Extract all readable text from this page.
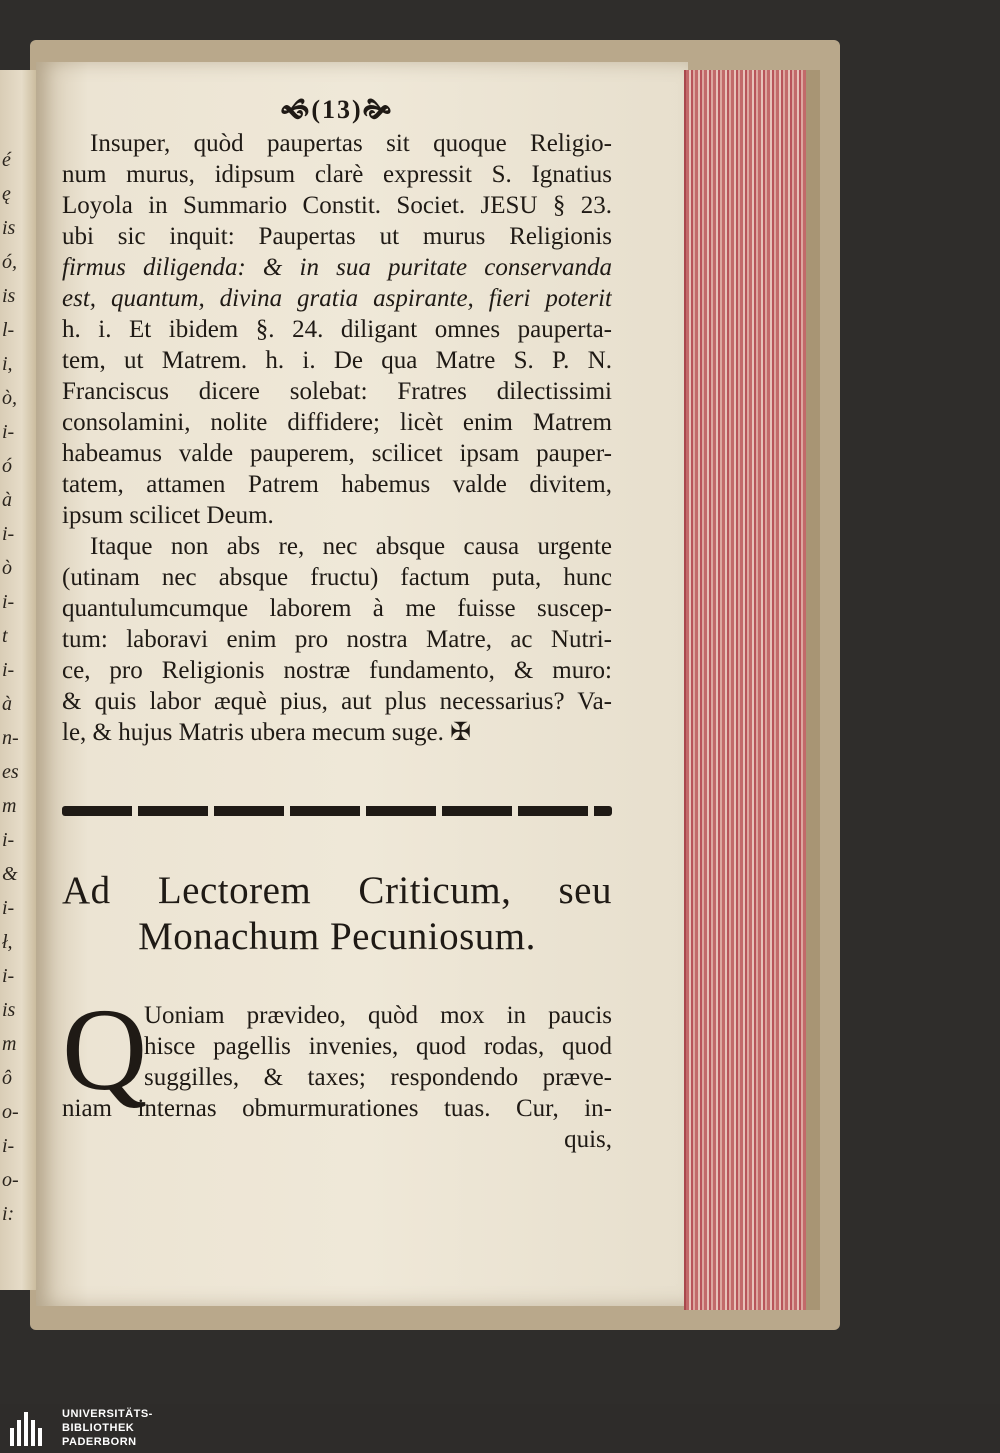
é
ę
is
ó,
is
l-
i,
ò,
i-
ó
à
i-
ò
i-
t
i-
à
n-
es
m
i-
&
i-
ł,
i-
is
m
ô
o-
i-
o-
i:
🙜(13)🙞
Insuper, quòd paupertas sit quoque Religio-
num murus, idipsum clarè expressit S. Ignatius
Loyola in Summario Constit. Societ. JESU § 23.
ubi sic inquit: Paupertas ut murus Religionis
firmus diligenda: & in sua puritate conservanda
est, quantum, divina gratia aspirante, fieri poterit
h. i. Et ibidem §. 24. diligant omnes pauperta-
tem, ut Matrem. h. i. De qua Matre S. P. N.
Franciscus dicere solebat: Fratres dilectissimi
consolamini, nolite diffidere; licèt enim Matrem
habeamus valde pauperem, scilicet ipsam pauper-
tatem, attamen Patrem habemus valde divitem,
ipsum scilicet Deum.
Itaque non abs re, nec absque causa urgente
(utinam nec absque fructu) factum puta, hunc
quantulumcumque laborem à me fuisse suscep-
tum: laboravi enim pro nostra Matre, ac Nutri-
ce, pro Religionis nostræ fundamento, & muro:
& quis labor æquè pius, aut plus necessarius? Va-
le, & hujus Matris ubera mecum suge. ✠
Ad Lectorem Criticum, seu
Monachum Pecuniosum.
Q
Uoniam prævideo, quòd mox in paucis
hisce pagellis invenies, quod rodas, quod
suggilles, & taxes; respondendo præve-
niam internas obmurmurationes tuas. Cur, in-
quis,
UNIVERSITÄTS-
BIBLIOTHEK
PADERBORN
